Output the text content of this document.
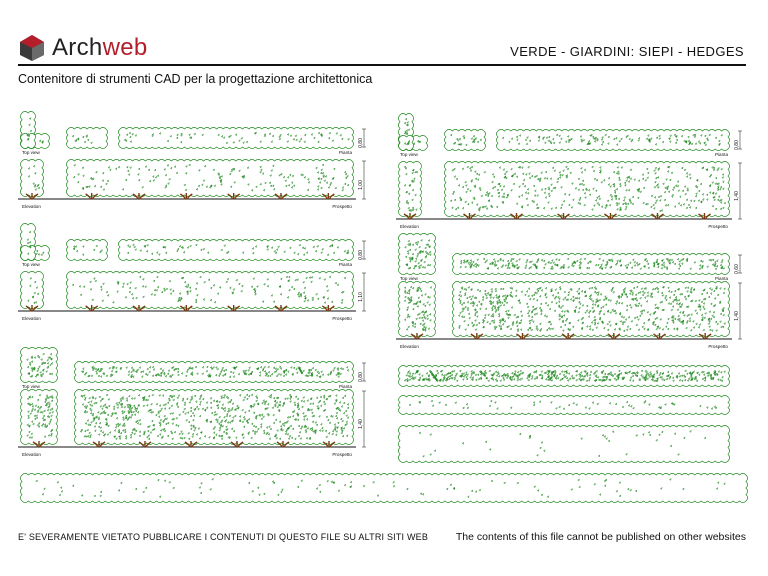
Archweb	VERDE - GIARDINI: SIEPI - HEDGES
Contenitore di strumenti CAD per la progettazione architettonica
Top view	Pianta
0,80
Elevation	Prospetto
1,00
Top view	Pianta
0,80
Elevation	Prospetto
1,40
Top view	Pianta
0,80
Elevation	Prospetto
1,10
Top view	Pianta
0,60
Elevation	Prospetto
1,40
Top view	Pianta
0,80
Elevation	Prospetto
1,40
E' SEVERAMENTE VIETATO PUBBLICARE I CONTENUTI DI QUESTO FILE SU ALTRI SITI WEB	The contents of this file cannot be published on other websites
